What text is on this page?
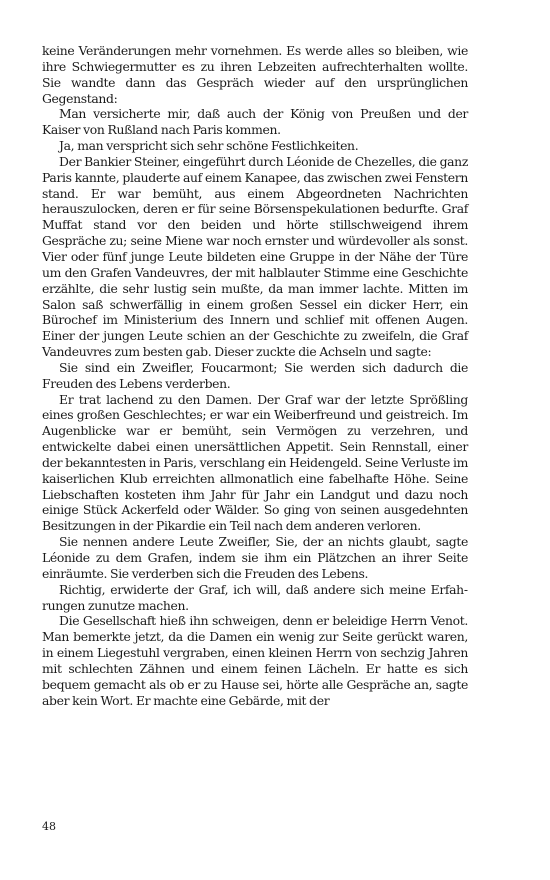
keine Veränderungen mehr vornehmen. Es werde alles so bleiben, wie ihre Schwiegermutter es zu ihren Lebzeiten aufrechterhalten wollte. Sie wandte dann das Gespräch wieder auf den ursprünglichen Gegenstand:

Man versicherte mir, daß auch der König von Preußen und der Kaiser von Rußland nach Paris kommen.

Ja, man verspricht sich sehr schöne Festlichkeiten.

Der Bankier Steiner, eingeführt durch Léonide de Chezelles, die ganz Paris kannte, plauderte auf einem Kanapee, das zwischen zwei Fenstern stand. Er war bemüht, aus einem Abgeordneten Nachrichten herauszulocken, deren er für seine Börsenspekulationen bedurfte. Graf Muffat stand vor den beiden und hörte stillschweigend ihrem Gespräche zu; seine Miene war noch ernster und würdevoller als sonst. Vier oder fünf junge Leute bildeten eine Gruppe in der Nähe der Türe um den Grafen Vandeuvres, der mit halblauter Stimme eine Geschichte erzählte, die sehr lustig sein mußte, da man immer lachte. Mitten im Salon saß schwerfällig in einem großen Sessel ein dicker Herr, ein Bürochef im Ministerium des Innern und schlief mit offenen Augen. Einer der jungen Leute schien an der Geschichte zu zweifeln, die Graf Vandeuvres zum besten gab. Dieser zuckte die Achseln und sagte:

Sie sind ein Zweifler, Foucarmont; Sie werden sich dadurch die Freuden des Lebens verderben.

Er trat lachend zu den Damen. Der Graf war der letzte Sprößling eines großen Geschlechtes; er war ein Weiberfreund und geistreich. Im Augenblicke war er bemüht, sein Vermögen zu verzehren, und entwickelte dabei einen unersättlichen Appetit. Sein Rennstall, einer der bekanntesten in Paris, verschlang ein Heidengeld. Seine Verluste im kaiserlichen Klub erreichten allmonatlich eine fabelhafte Höhe. Seine Liebschaften kosteten ihm Jahr für Jahr ein Landgut und dazu noch einige Stück Ackerfeld oder Wälder. So ging von seinen ausgedehnten Besitzungen in der Pikardie ein Teil nach dem anderen verloren.

Sie nennen andere Leute Zweifler, Sie, der an nichts glaubt, sagte Léonide zu dem Grafen, indem sie ihm ein Plätzchen an ihrer Seite einräumte. Sie verderben sich die Freuden des Lebens.

Richtig, erwiderte der Graf, ich will, daß andere sich meine Erfahrungen zunutze machen.

Die Gesellschaft hieß ihn schweigen, denn er beleidige Herrn Venot. Man bemerkte jetzt, da die Damen ein wenig zur Seite gerückt waren, in einem Liegestuhl vergraben, einen kleinen Herrn von sechzig Jahren mit schlechten Zähnen und einem feinen Lächeln. Er hatte es sich bequem gemacht als ob er zu Hause sei, hörte alle Gespräche an, sagte aber kein Wort. Er machte eine Gebärde, mit der

48
